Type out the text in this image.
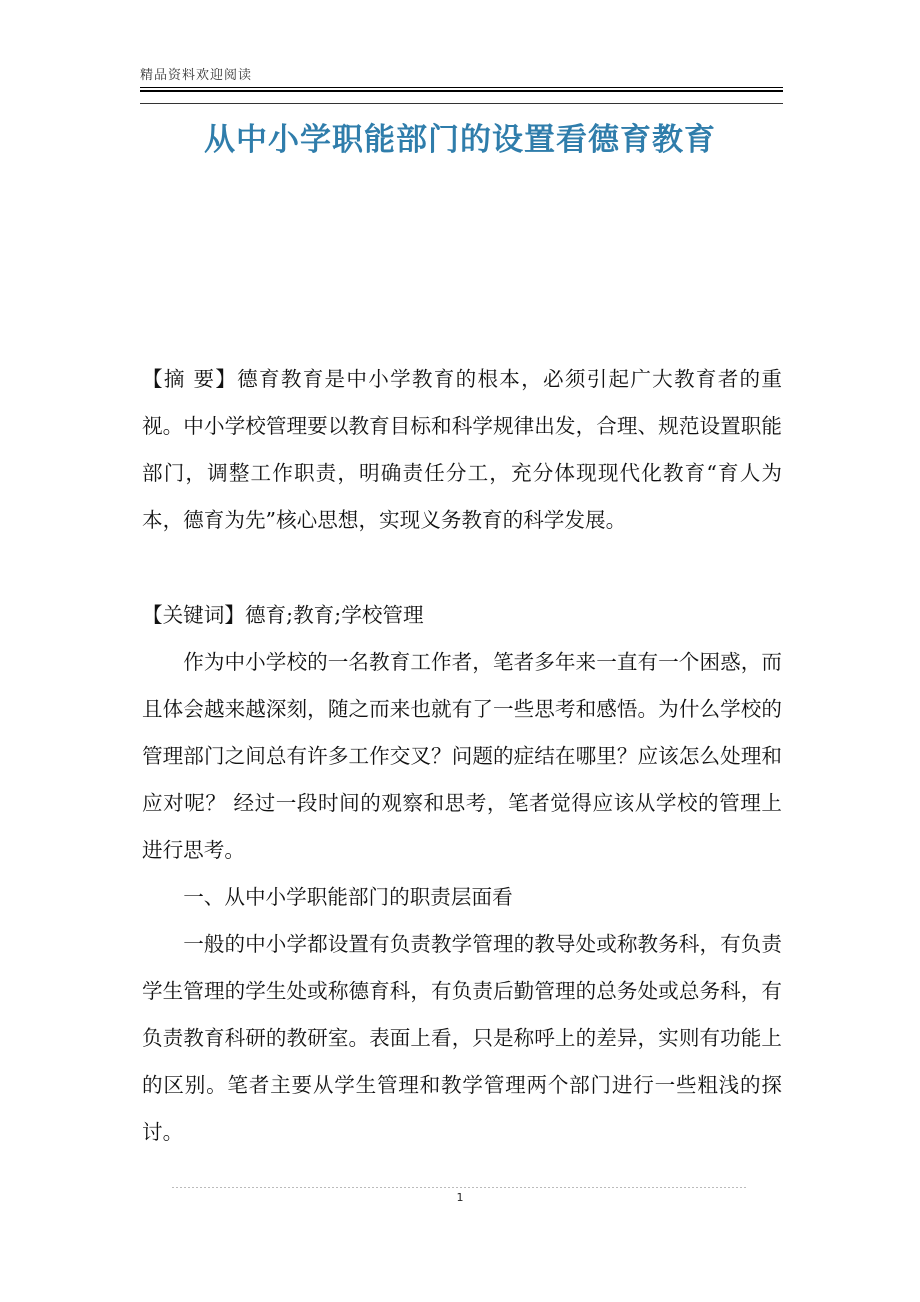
精品资料欢迎阅读
从中小学职能部门的设置看德育教育

【摘 要】德育教育是中小学教育的根本，必须引起广大教育者的重视。中小学校管理要以教育目标和科学规律出发，合理、规范设置职能部门，调整工作职责，明确责任分工，充分体现现代化教育“育人为本，德育为先”核心思想，实现义务教育的科学发展。

【关键词】德育;教育;学校管理

作为中小学校的一名教育工作者，笔者多年来一直有一个困惑，而且体会越来越深刻，随之而来也就有了一些思考和感悟。为什么学校的管理部门之间总有许多工作交叉？问题的症结在哪里？应该怎么处理和应对呢？ 经过一段时间的观察和思考，笔者觉得应该从学校的管理上进行思考。

一、从中小学职能部门的职责层面看

一般的中小学都设置有负责教学管理的教导处或称教务科，有负责学生管理的学生处或称德育科，有负责后勤管理的总务处或总务科，有负责教育科研的教研室。表面上看，只是称呼上的差异，实则有功能上的区别。笔者主要从学生管理和教学管理两个部门进行一些粗浅的探讨。

1
